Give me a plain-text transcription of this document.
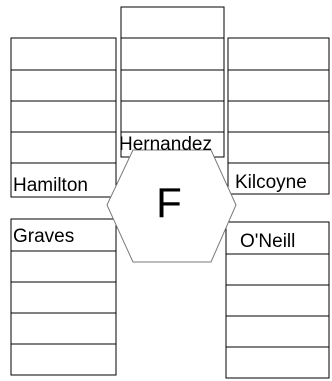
F
Hernandez
Hamilton	Kilcoyne
Graves	O'Neill
